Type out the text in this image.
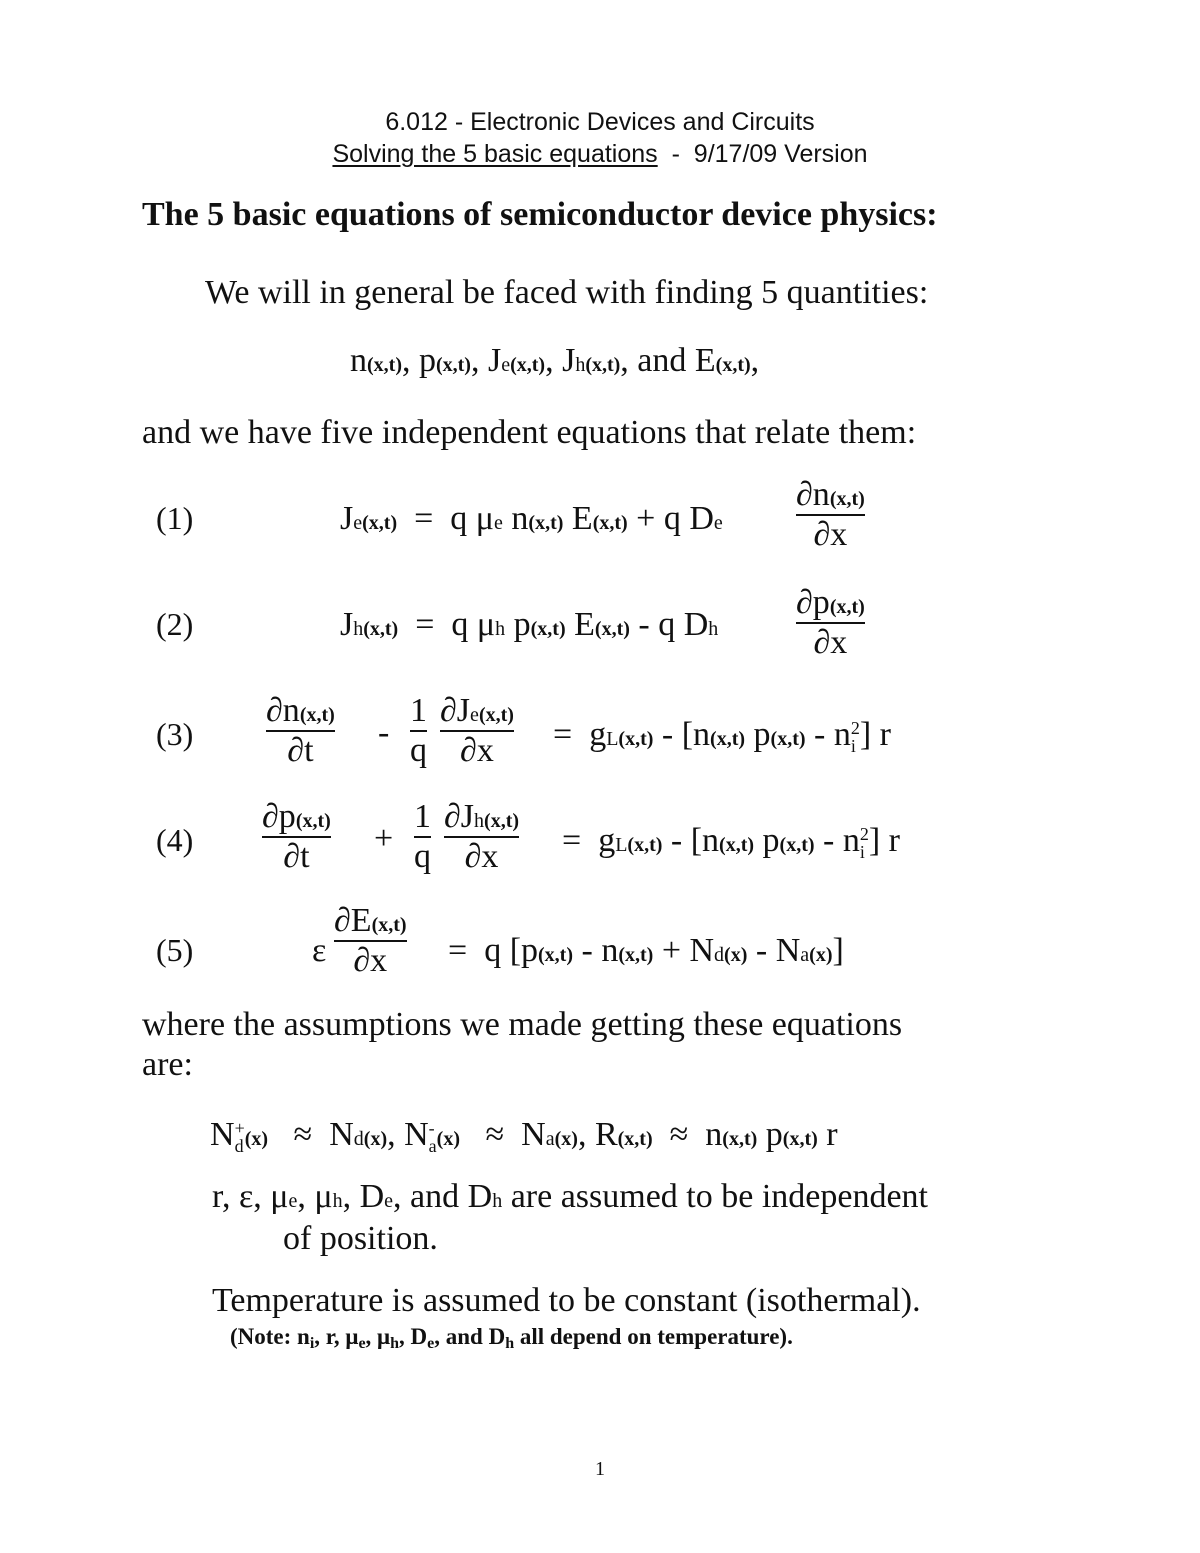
6.012 - Electronic Devices and Circuits
Solving the 5 basic equations  -  9/17/09 Version
The 5 basic equations of semiconductor device physics:
We will in general be faced with finding 5 quantities:
n(x,t), p(x,t), Je(x,t), Jh(x,t), and E(x,t),
and we have five independent equations that relate them:
(1)	Je(x,t) = q μe n(x,t) E(x,t) + q De
∂n(x,t)
∂x
(2)	Jh(x,t) = q μh p(x,t) E(x,t) - q Dh
∂p(x,t)
∂x
(3)
∂n(x,t)
∂t -
1
q
∂Je(x,t)
∂x = gL(x,t) - [n(x,t) p(x,t) - n 2
i ] r
(4)
∂p(x,t)
∂t +
1
q
∂Jh(x,t)
∂x = gL(x,t) - [n(x,t) p(x,t) - n 2
i ] r
(5)	ε
∂E(x,t)
∂x = q [p(x,t) - n(x,t) + Nd(x) - Na(x)]
where the assumptions we made getting these equations
are:
N +
d (x) ≈ Nd(x), N -
a (x) ≈ Na(x), R(x,t) ≈ n(x,t) p(x,t) r
r, ε, μe, μh, De, and Dh are assumed to be independent
of position.
Temperature is assumed to be constant (isothermal).
(Note: ni, r, μe, μh, De, and Dh all depend on temperature).
1
